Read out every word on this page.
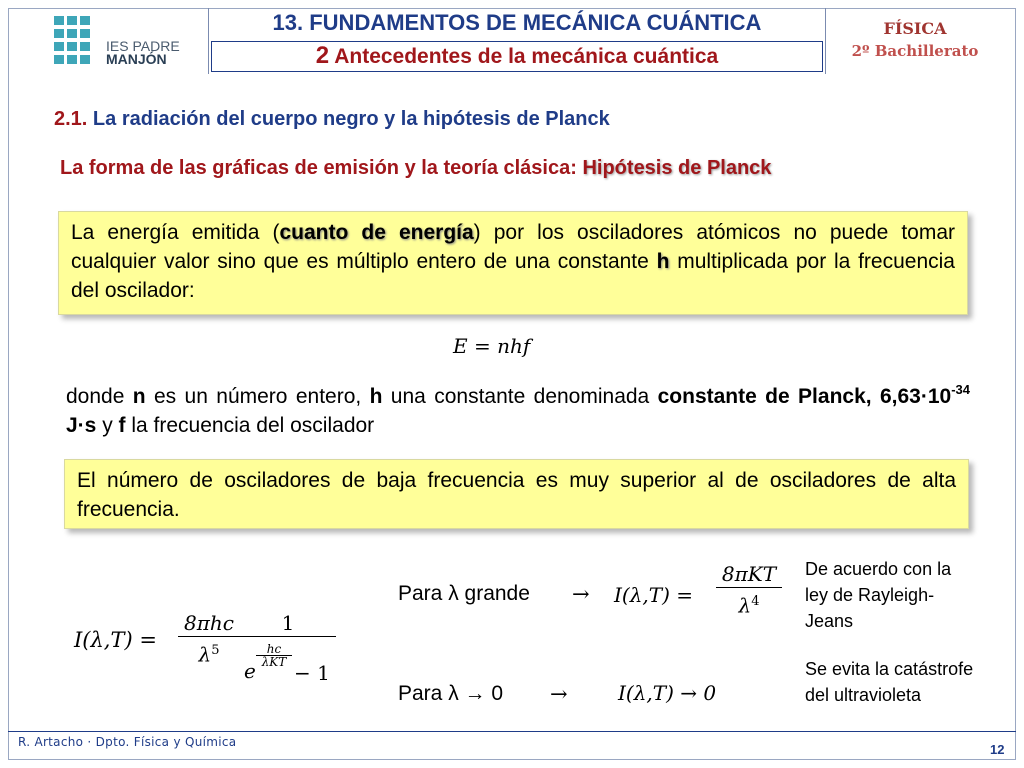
IES PADRE
MANJÓN
13. FUNDAMENTOS DE MECÁNICA CUÁNTICA
2 Antecedentes de la mecánica cuántica
FÍSICA
2º Bachillerato
2.1. La radiación del cuerpo negro y la hipótesis de Planck
La forma de las gráficas de emisión y la teoría clásica: Hipótesis de Planck
La energía emitida (cuanto de energía) por los osciladores atómicos no puede tomar cualquier valor sino que es múltiplo entero de una constante h multiplicada por la frecuencia del oscilador:
E = nhf
donde n es un número entero, h una constante denominada constante de Planck, $6,63\cdot 10^{-34}$ J·s y f la frecuencia del oscilador
El número de osciladores de baja frecuencia es muy superior al de osciladores de alta frecuencia.
I(λ,T) =
8πhc
$\lambda^5$
1
e
hc
λKT − 1
Para λ grande → I(λ,T) =
8πKT
$\lambda^4$
De acuerdo con la ley de Rayleigh-Jeans
Para λ → 0 →	I(λ,T) → 0
Se evita la catástrofe del ultravioleta
R. Artacho · Dpto. Física y Química	12
